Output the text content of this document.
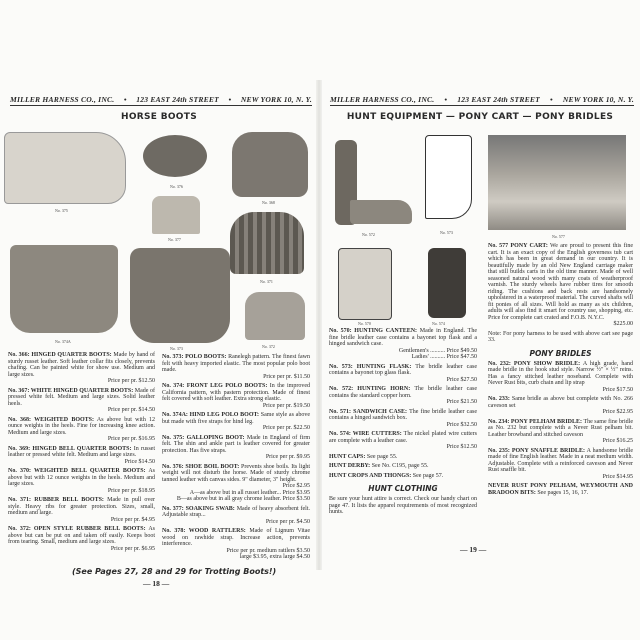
MILLER HARNESS CO., INC. • 123 EAST 24th STREET • NEW YORK 10, N. Y.
HORSE BOOTS
No. 375
No. 376
No. 368
No. 377
No. 371
No. 374A
No. 373	No. 372

No. 366: HINGED QUARTER BOOTS: Made by hand of sturdy russet leather. Soft leather collar fits closely, prevents chafing. Can be painted white for show use. Medium and large sizes.

Price per pr. $12.50

No. 367: WHITE HINGED QUARTER BOOTS: Made of pressed white felt. Medium and large sizes. Solid leather heels.

Price per pr. $14.50

No. 368: WEIGHTED BOOTS: As above but with 12 ounce weights in the heels. Fine for increasing knee action. Medium and large sizes.

Price per pr. $16.95

No. 369: HINGED BELL QUARTER BOOTS: In russet leather or pressed white felt. Medium and large sizes.

Price $14.50

No. 370: WEIGHTED BELL QUARTER BOOTS: As above but with 12 ounce weights in the heels. Medium and large sizes.

Price per pr. $18.95

No. 371: RUBBER BELL BOOTS: Made in pull over style. Heavy ribs for greater protection. Sizes, small, medium and large.

Price per pr. $4.95

No. 372: OPEN STYLE RUBBER BELL BOOTS: As above but can be put on and taken off easily. Keeps boot from tearing. Small, medium and large sizes.

Price per pr. $6.95

No. 373: POLO BOOTS: Ranelegh pattern. The finest fawn felt with heavy imported elastic. The most popular polo boot made.

Price per pr. $11.50

No. 374: FRONT LEG POLO BOOTS: In the improved California pattern, with pastern protection. Made of finest felt covered with soft leather. Extra strong elastic.

Price per pr. $19.50

No. 374A: HIND LEG POLO BOOT: Same style as above but made with five straps for hind leg.

Price per pr. $22.50

No. 375: GALLOPING BOOT: Made in England of firm felt. The shin and ankle part is leather covered for greater protection. Has five straps.

Price per pr. $9.95

No. 376: SHOE BOIL BOOT: Prevents shoe boils. Its light weight will not disturb the horse. Made of sturdy chrome tanned leather with canvas sides. 9" diameter, 3" height.

Price $2.95
A—as above but in all russet leather... Price $3.95
B—as above but in all gray chrome leather. Price $3.50

No. 377: SOAKING SWAB: Made of heavy absorbent felt. Adjustable strap...

Price per pr. $4.50

No. 378: WOOD RATTLERS: Made of Lignum Vitae wood on rawhide strap. Increase action, prevents interference.

Price per pr. medium rattlers $3.50
large $3.95, extra large $4.50
(See Pages 27, 28 and 29 for Trotting Boots!)
— 18 —
MILLER HARNESS CO., INC. • 123 EAST 24th STREET • NEW YORK 10, N. Y.
HUNT EQUIPMENT — PONY CART — PONY BRIDLES
No. 572	No. 573
No. 577
No. 570	No. 574

No. 570: HUNTING CANTEEN: Made in England. The fine bridle leather case contains a bayonet top flask and a hinged sandwich case.

Gentlemen's .......... Price $49.50
Ladies' .......... Price $47.50

No. 573: HUNTING FLASK: The bridle leather case contains a bayonet top glass flask.

Price $27.50

No. 572: HUNTING HORN: The bridle leather case contains the standard copper horn.

Price $21.50

No. 571: SANDWICH CASE: The fine bridle leather case contains a hinged sandwich box.

Price $32.50

No. 574: WIRE CUTTERS: The nickel plated wire cutters are complete with a leather case.

Price $12.50

HUNT CAPS: See page 55.

HUNT DERBY: See No. C195, page 55.

HUNT CROPS AND THONGS: See page 57.

HUNT CLOTHING
Be sure your hunt attire is correct. Check our handy chart on page 47. It lists the apparel requirements of most recognized hunts.

No. 577 PONY CART: We are proud to present this fine cart. It is an exact copy of the English governess tub cart which has been in great demand in our country. It is beautifully made by an old New England carriage maker that still builds carts in the old time manner. Made of well seasoned natural wood with many coats of weatherproof varnish. The sturdy wheels have rubber tires for smooth riding. The cushions and back rests are handsomely upholstered in a waterproof material. The curved shafts will fit ponies of all sizes. Will hold as many as six children, adults will also find it smart for country use, shopping, etc. Price for complete cart crated and F.O.B. N.Y.C.

$225.00

Note: For pony harness to be used with above cart see page 33.

PONY BRIDLES

No. 232: PONY SHOW BRIDLE: A high grade, hand made bridle in the hook stud style. Narrow ½" × ½" reins. Has a fancy stitched leather noseband. Complete with Never Rust bits, curb chain and lip strap

Price $17.50

No. 233: Same bridle as above but complete with No. 266 caveson set

Price $22.95

No. 234: PONY PELHAM BRIDLE: The same fine bridle as No. 232 but complete with a Never Rust pelham bit. Leather browband and stitched caveson

Price $16.25

No. 235: PONY SNAFFLE BRIDLE: A handsome bridle made of fine English leather. Made in a neat medium width. Adjustable. Complete with a reinforced caveson and Never Rust snaffle bit.

Price $14.95

NEVER RUST PONY PELHAM, WEYMOUTH AND BRADOON BITS: See pages 15, 16, 17.

— 19 —
